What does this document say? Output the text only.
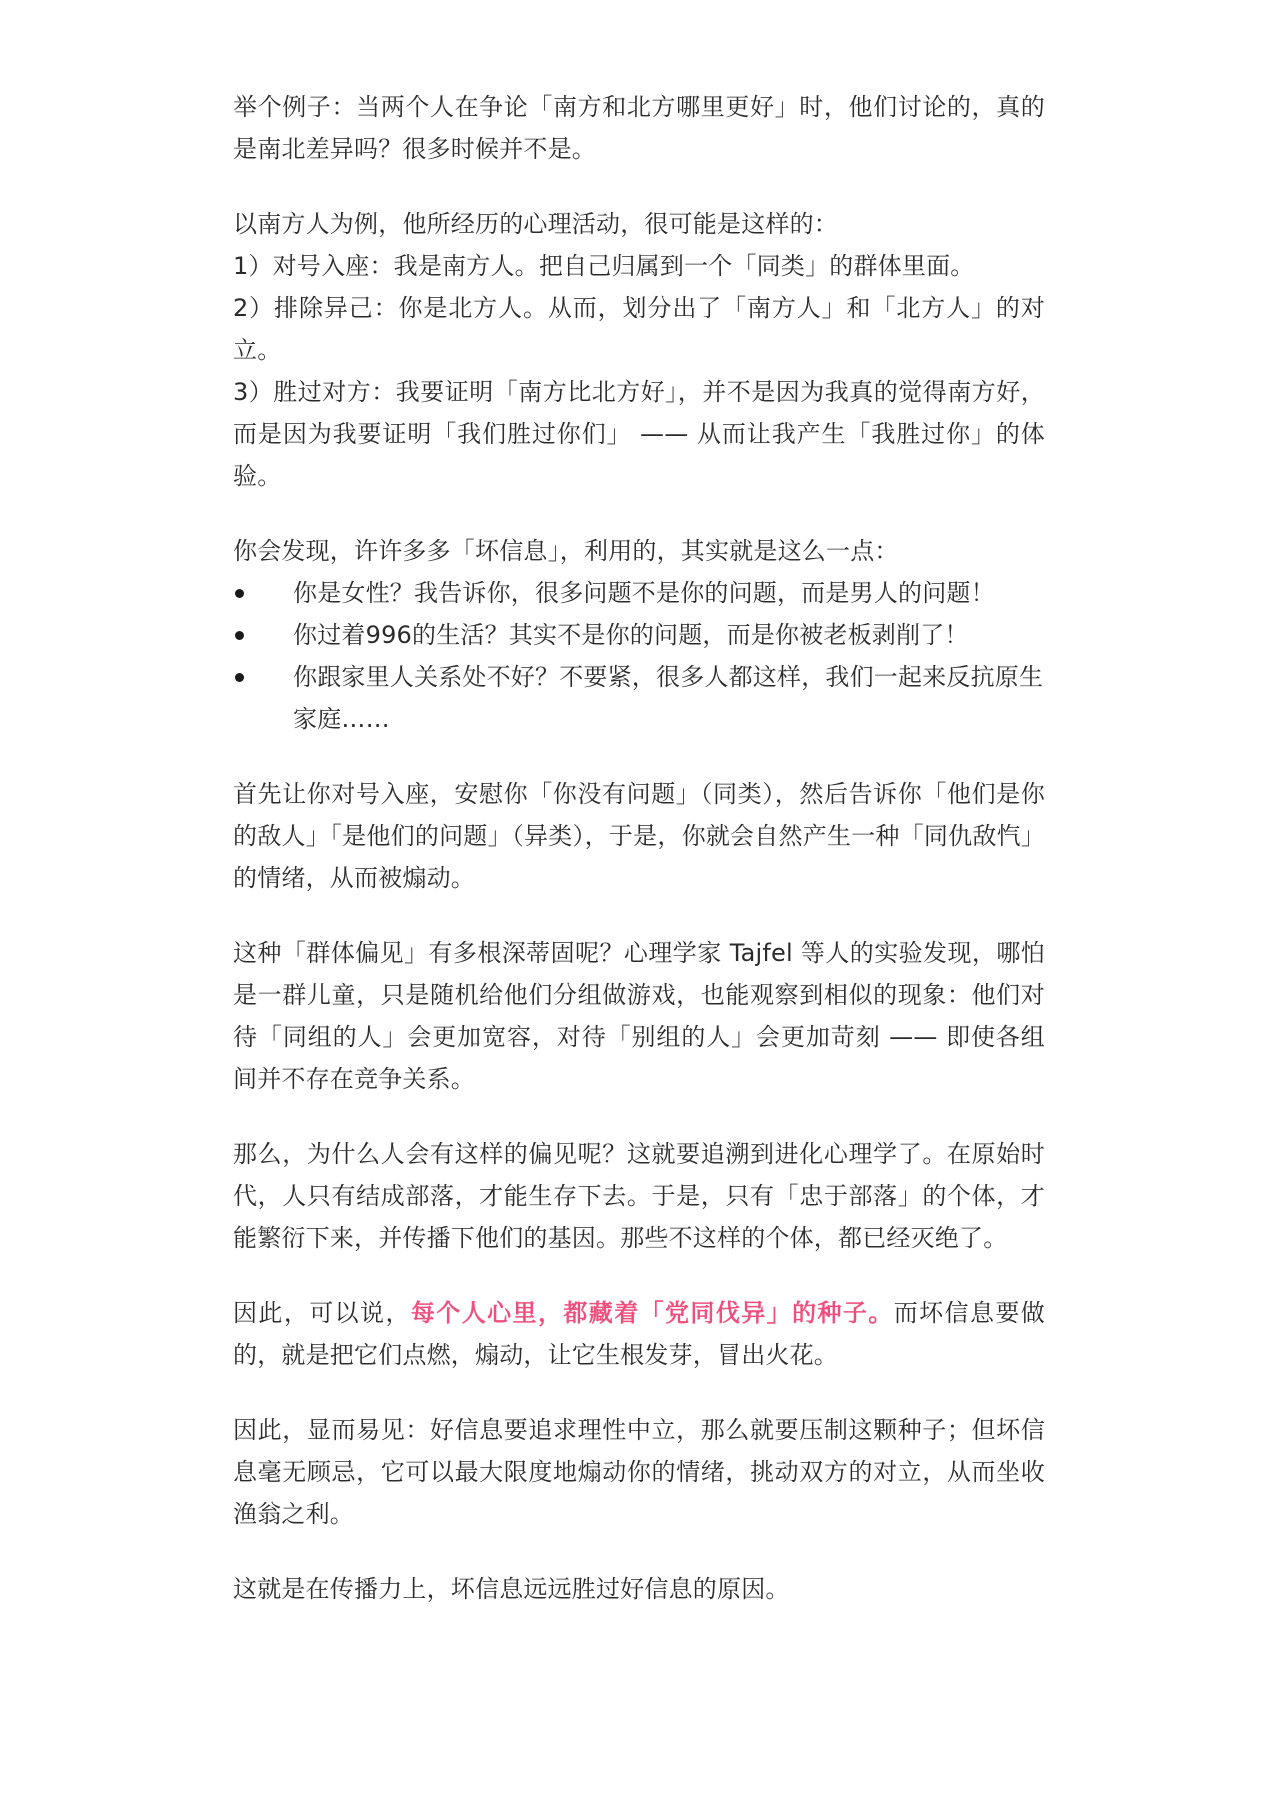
举个例子：当两个人在争论「南方和北方哪里更好」时，他们讨论的，真的是南北差异吗？很多时候并不是。

以南方人为例，他所经历的心理活动，很可能是这样的：

1）对号入座：我是南方人。把自己归属到一个「同类」的群体里面。

2）排除异己：你是北方人。从而，划分出了「南方人」和「北方人」的对立。

3）胜过对方：我要证明「南方比北方好」，并不是因为我真的觉得南方好，而是因为我要证明「我们胜过你们」 —— 从而让我产生「我胜过你」的体验。

你会发现，许许多多「坏信息」，利用的，其实就是这么一点：

你是女性？我告诉你，很多问题不是你的问题，而是男人的问题！
你过着996的生活？其实不是你的问题，而是你被老板剥削了！
你跟家里人关系处不好？不要紧，很多人都这样，我们一起来反抗原生家庭……

首先让你对号入座，安慰你「你没有问题」（同类），然后告诉你「他们是你的敌人」「是他们的问题」（异类），于是，你就会自然产生一种「同仇敌忾」的情绪，从而被煽动。

这种「群体偏见」有多根深蒂固呢？心理学家 Tajfel 等人的实验发现，哪怕是一群儿童，只是随机给他们分组做游戏，也能观察到相似的现象：他们对待「同组的人」会更加宽容，对待「别组的人」会更加苛刻 —— 即使各组间并不存在竞争关系。

那么，为什么人会有这样的偏见呢？这就要追溯到进化心理学了。在原始时代，人只有结成部落，才能生存下去。于是，只有「忠于部落」的个体，才能繁衍下来，并传播下他们的基因。那些不这样的个体，都已经灭绝了。

因此，可以说，每个人心里，都藏着「党同伐异」的种子。而坏信息要做的，就是把它们点燃，煽动，让它生根发芽，冒出火花。

因此，显而易见：好信息要追求理性中立，那么就要压制这颗种子；但坏信息毫无顾忌，它可以最大限度地煽动你的情绪，挑动双方的对立，从而坐收渔翁之利。

这就是在传播力上，坏信息远远胜过好信息的原因。
